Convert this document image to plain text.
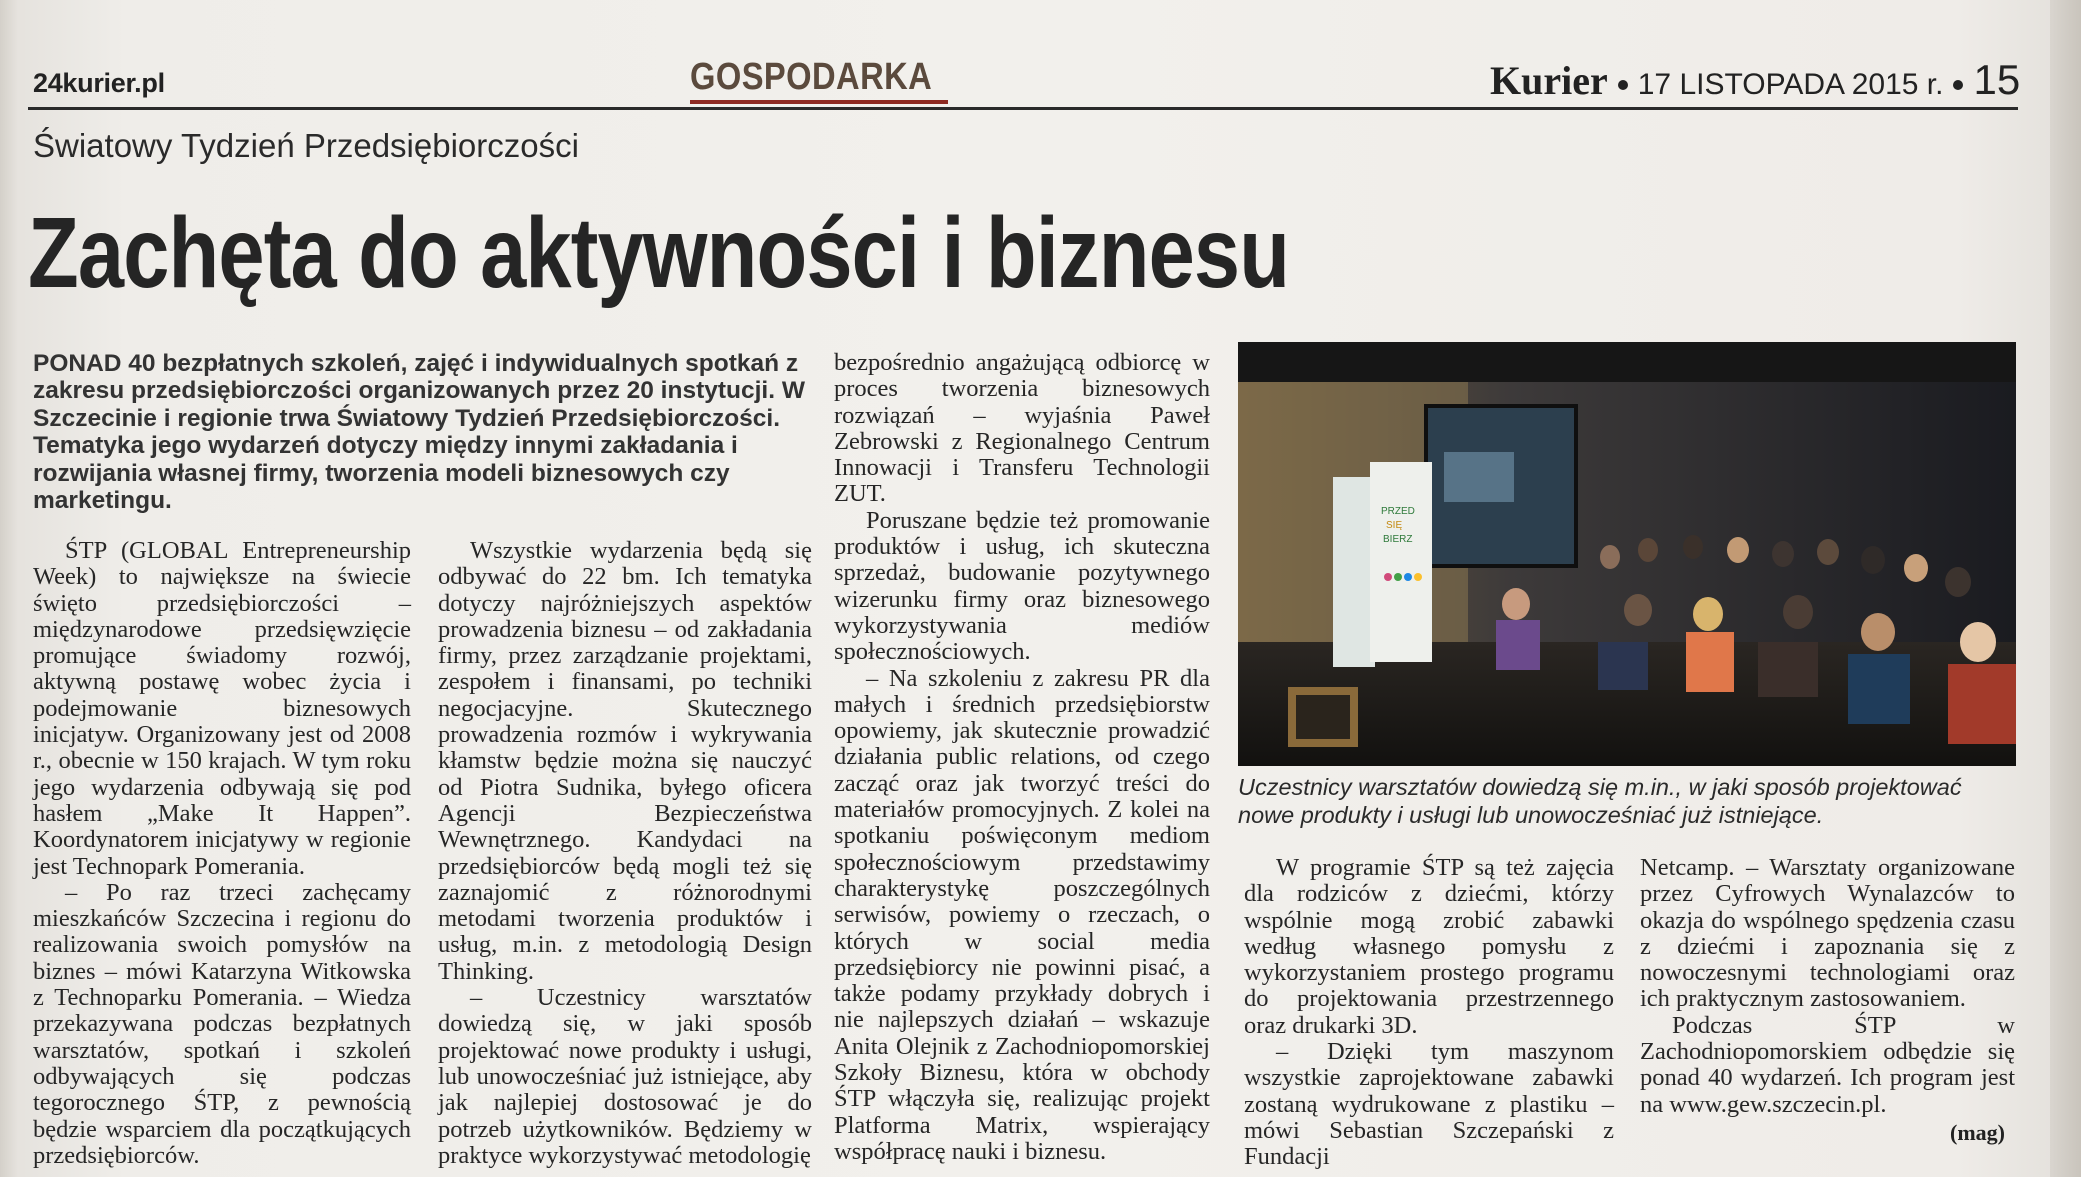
24kurier.pl	GOSPODARKA	Kurier 17 LISTOPADA 2015 r. 15
Światowy Tydzień Przedsiębiorczości
Zachęta do aktywności i biznesu
PONAD 40 bezpłatnych szkoleń, zajęć i indywidualnych spotkań z zakresu przedsiębiorczości organizowanych przez 20 instytucji. W Szczecinie i regionie trwa Światowy Tydzień Przedsiębiorczości. Tematyka jego wydarzeń dotyczy między innymi zakładania i rozwijania własnej firmy, tworzenia modeli biznesowych czy marketingu.

ŚTP (GLOBAL Entrepreneurship Week) to największe na świecie święto przedsiębiorczości – międzynarodowe przedsięwzięcie promujące świadomy rozwój, aktywną postawę wobec życia i podejmowanie biznesowych inicjatyw. Organizowany jest od 2008 r., obecnie w 150 krajach. W tym roku jego wydarzenia odbywają się pod hasłem „Make It Happen”. Koordynatorem inicjatywy w regionie jest Technopark Pomerania.

– Po raz trzeci zachęcamy mieszkańców Szczecina i regionu do realizowania swoich pomysłów na biznes – mówi Katarzyna Witkowska z Technoparku Pomerania. – Wiedza przekazywana podczas bezpłatnych warsztatów, spotkań i szkoleń odbywających się podczas tegorocznego ŚTP, z pewnością będzie wsparciem dla początkujących przedsiębiorców.

Wszystkie wydarzenia będą się odbywać do 22 bm. Ich tematyka dotyczy najróżniejszych aspektów prowadzenia biznesu – od zakładania firmy, przez zarządzanie projektami, zespołem i finansami, po techniki negocjacyjne. Skutecznego prowadzenia rozmów i wykrywania kłamstw będzie można się nauczyć od Piotra Sudnika, byłego oficera Agencji Bezpieczeństwa Wewnętrznego. Kandydaci na przedsiębiorców będą mogli też się zaznajomić z różnorodnymi metodami tworzenia produktów i usług, m.in. z metodologią Design Thinking.

– Uczestnicy warsztatów dowiedzą się, w jaki sposób projektować nowe produkty i usługi, lub unowocześniać już istniejące, aby jak najlepiej dostosować je do potrzeb użytkowników. Będziemy w praktyce wykorzystywać metodologię

bezpośrednio angażującą odbiorcę w proces tworzenia biznesowych rozwiązań – wyjaśnia Paweł Zebrowski z Regionalnego Centrum Innowacji i Transferu Technologii ZUT.

Poruszane będzie też promowanie produktów i usług, ich skuteczna sprzedaż, budowanie pozytywnego wizerunku firmy oraz biznesowego wykorzystywania mediów społecznościowych.

– Na szkoleniu z zakresu PR dla małych i średnich przedsiębiorstw opowiemy, jak skutecznie prowadzić działania public relations, od czego zacząć oraz jak tworzyć treści do materiałów promocyjnych. Z kolei na spotkaniu poświęconym mediom społecznościowym przedstawimy charakterystykę poszczególnych serwisów, powiemy o rzeczach, o których w social media przedsiębiorcy nie powinni pisać, a także podamy przykłady dobrych i nie najlepszych działań – wskazuje Anita Olejnik z Zachodniopomorskiej Szkoły Biznesu, która w obchody ŚTP włączyła się, realizując projekt Platforma Matrix, wspierający współpracę nauki i biznesu.

PRZED
SIĘ
BIERZ
Uczestnicy warsztatów dowiedzą się m.in., w jaki sposób projektować nowe produkty i usługi lub unowocześniać już istniejące.

W programie ŚTP są też zajęcia dla rodziców z dziećmi, którzy wspólnie mogą zrobić zabawki według własnego pomysłu z wykorzystaniem prostego programu do projektowania przestrzennego oraz drukarki 3D.

– Dzięki tym maszynom wszystkie zaprojektowane zabawki zostaną wydrukowane z plastiku – mówi Sebastian Szczepański z Fundacji

Netcamp. – Warsztaty organizowane przez Cyfrowych Wynalazców to okazja do wspólnego spędzenia czasu z dziećmi i zapoznania się z nowoczesnymi technologiami oraz ich praktycznym zastosowaniem.

Podczas ŚTP w Zachodniopomorskiem odbędzie się ponad 40 wydarzeń. Ich program jest na www.gew.szczecin.pl.

(mag)
